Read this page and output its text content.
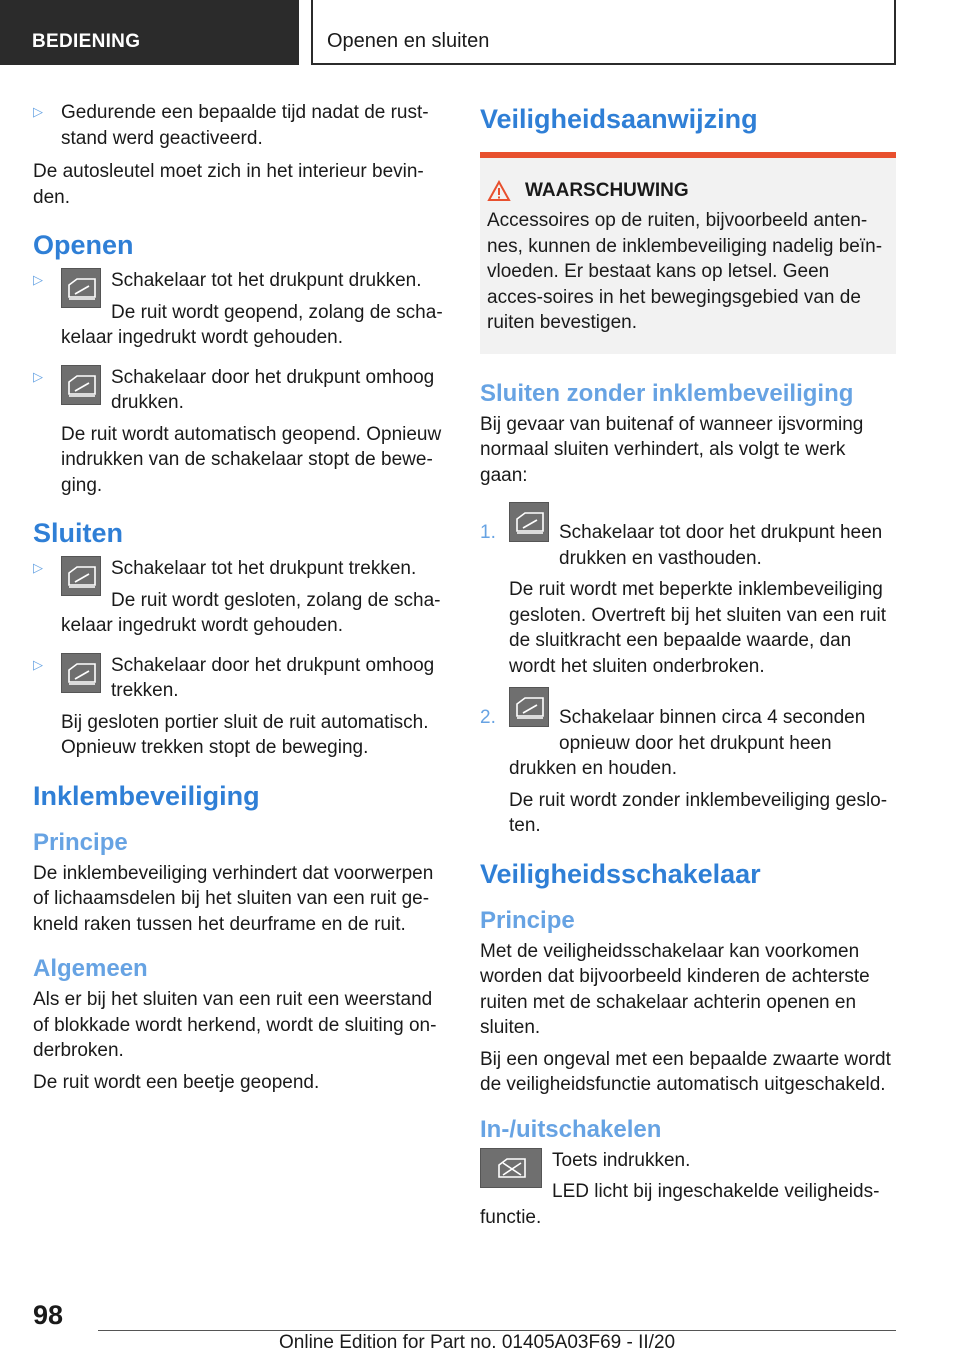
BEDIENING	Openen en sluiten
▷ Gedurende een bepaalde tijd nadat de rust-stand werd geactiveerd.

De autosleutel moet zich in het interieur bevin-den.

Openen
▷	Schakelaar tot het drukpunt drukken.

De ruit wordt geopend, zolang de scha-kelaar ingedrukt wordt gehouden.

▷	Schakelaar door het drukpunt omhoog drukken.

De ruit wordt automatisch geopend. Opnieuw indrukken van de schakelaar stopt de bewe-ging.

Sluiten
▷	Schakelaar tot het drukpunt trekken.

De ruit wordt gesloten, zolang de scha-kelaar ingedrukt wordt gehouden.

▷	Schakelaar door het drukpunt omhoog trekken.

Bij gesloten portier sluit de ruit automatisch. Opnieuw trekken stopt de beweging.

Inklembeveiliging
Principe

De inklembeveiliging verhindert dat voorwerpen of lichaamsdelen bij het sluiten van een ruit ge-kneld raken tussen het deurframe en de ruit.

Algemeen

Als er bij het sluiten van een ruit een weerstand of blokkade wordt herkend, wordt de sluiting on-derbroken.

De ruit wordt een beetje geopend.

Veiligheidsaanwijzing
WAARSCHUWING

Accessoires op de ruiten, bijvoorbeeld anten-nes, kunnen de inklembeveiliging nadelig beïn-vloeden. Er bestaat kans op letsel. Geen acces-soires in het bewegingsgebied van de ruiten bevestigen.

Sluiten zonder inklembeveiliging

Bij gevaar van buitenaf of wanneer ijsvorming normaal sluiten verhindert, als volgt te werk gaan:

1.	Schakelaar tot door het drukpunt heen drukken en vasthouden.

De ruit wordt met beperkte inklembeveiliging gesloten. Overtreft bij het sluiten van een ruit de sluitkracht een bepaalde waarde, dan wordt het sluiten onderbroken.

2.	Schakelaar binnen circa 4 seconden opnieuw door het drukpunt heen drukken en houden.

De ruit wordt zonder inklembeveiliging geslo-ten.

Veiligheidsschakelaar
Principe

Met de veiligheidsschakelaar kan voorkomen worden dat bijvoorbeeld kinderen de achterste ruiten met de schakelaar achterin openen en sluiten.

Bij een ongeval met een bepaalde zwaarte wordt de veiligheidsfunctie automatisch uitgeschakeld.

In-/uitschakelen

Toets indrukken.

LED licht bij ingeschakelde veiligheids-functie.

98
Online Edition for Part no. 01405A03F69 - II/20
